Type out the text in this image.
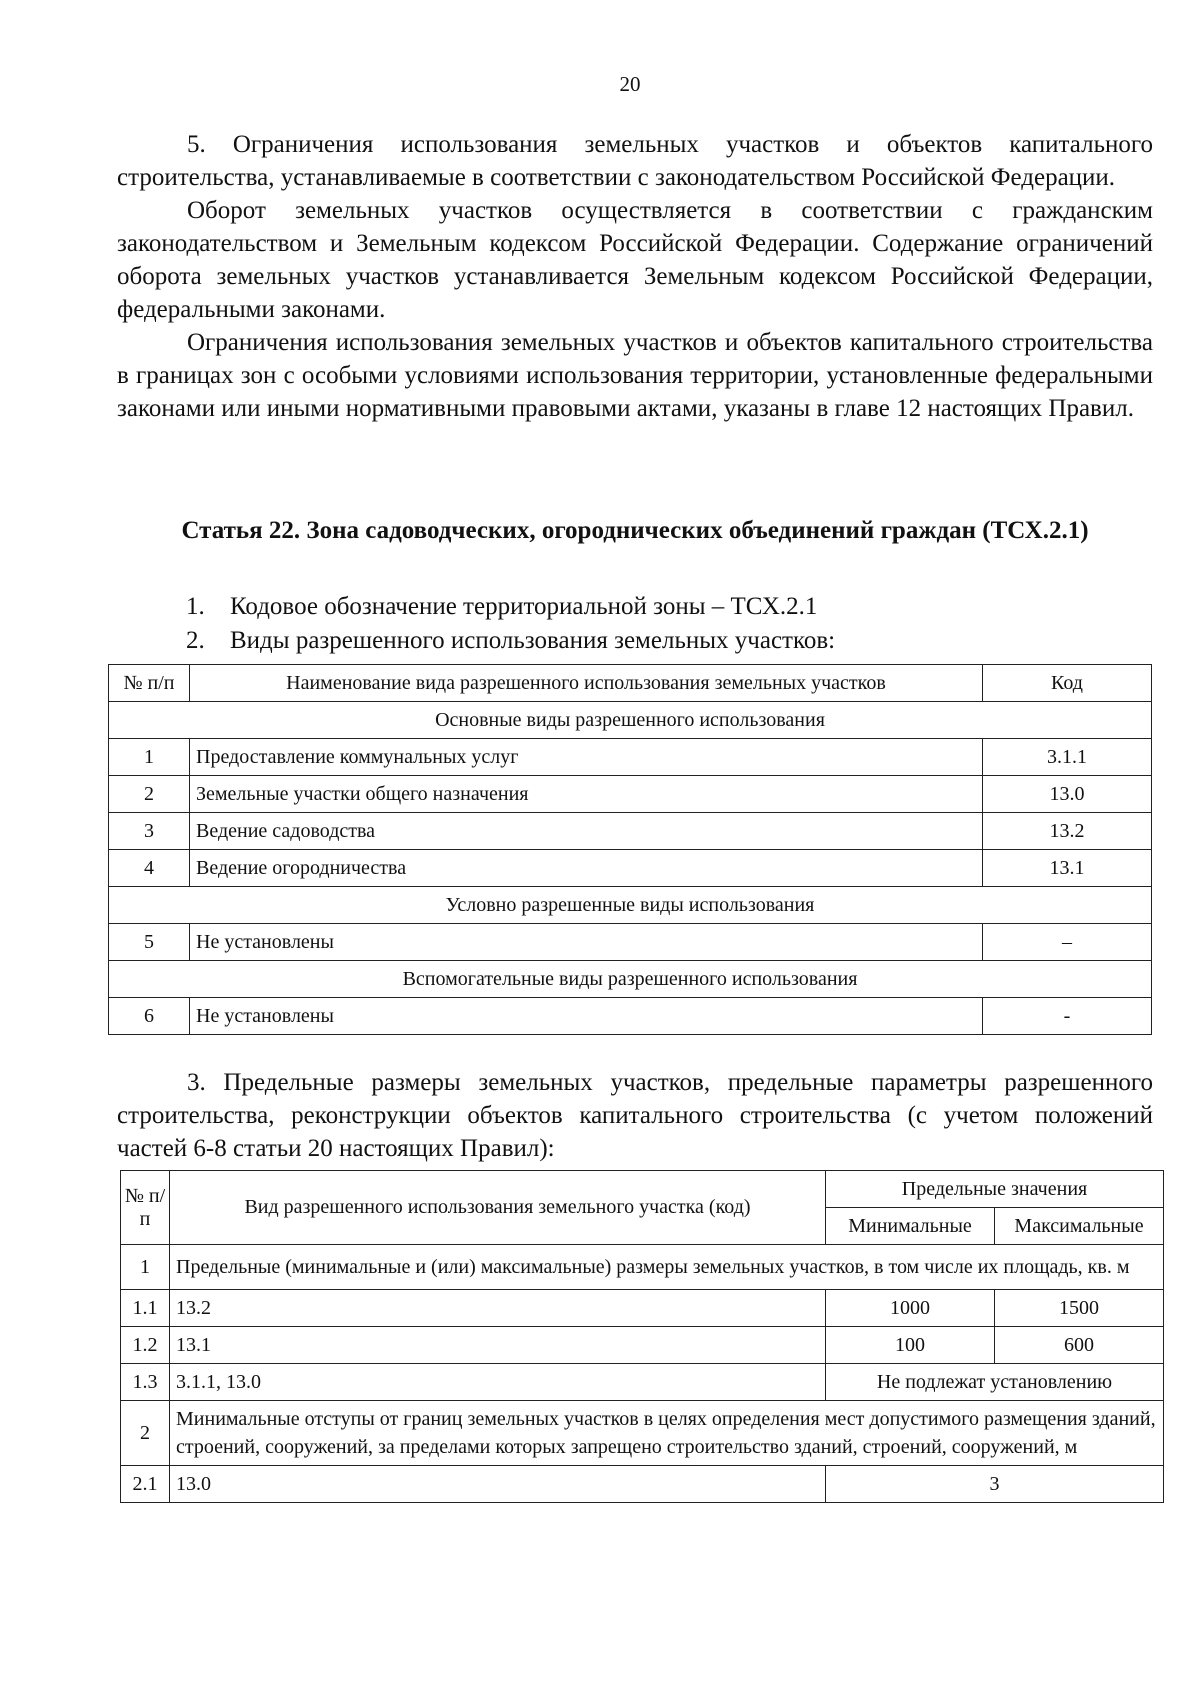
20

5. Ограничения использования земельных участков и объектов капитального строительства, устанавливаемые в соответствии с законодательством Российской Федерации.

Оборот земельных участков осуществляется в соответствии с гражданским законодательством и Земельным кодексом Российской Федерации. Содержание ограничений оборота земельных участков устанавливается Земельным кодексом Российской Федерации, федеральными законами.

Ограничения использования земельных участков и объектов капитального строительства в границах зон с особыми условиями использования территории, установленные федеральными законами или иными нормативными правовыми актами, указаны в главе 12 настоящих Правил.

Статья 22. Зона садоводческих, огороднических объединений граждан (ТСХ.2.1)
1. Кодовое обозначение территориальной зоны – ТСХ.2.1
2. Виды разрешенного использования земельных участков:
№ п/п	Наименование вида разрешенного использования земельных участков	Код
Основные виды разрешенного использования		
1	Предоставление коммунальных услуг	3.1.1
2	Земельные участки общего назначения	13.0
3	Ведение садоводства	13.2
4	Ведение огородничества	13.1
Условно разрешенные виды использования		
5	Не установлены	–
Вспомогательные виды разрешенного использования		
6	Не установлены	-

3. Предельные размеры земельных участков, предельные параметры разрешенного строительства, реконструкции объектов капитального строительства (с учетом положений частей 6-8 статьи 20 настоящих Правил):

№ п/п	Вид разрешенного использования земельного участка (код)	Предельные значения	
		Минимальные	Максимальные
1	Предельные (минимальные и (или) максимальные) размеры земельных участков, в том числе их площадь, кв. м		
1.1	13.2	1000	1500
1.2	13.1	100	600
1.3	3.1.1, 13.0	Не подлежат установлению	
2	Минимальные отступы от границ земельных участков в целях определения мест допустимого размещения зданий, строений, сооружений, за пределами которых запрещено строительство зданий, строений, сооружений, м		
2.1	13.0	3	
